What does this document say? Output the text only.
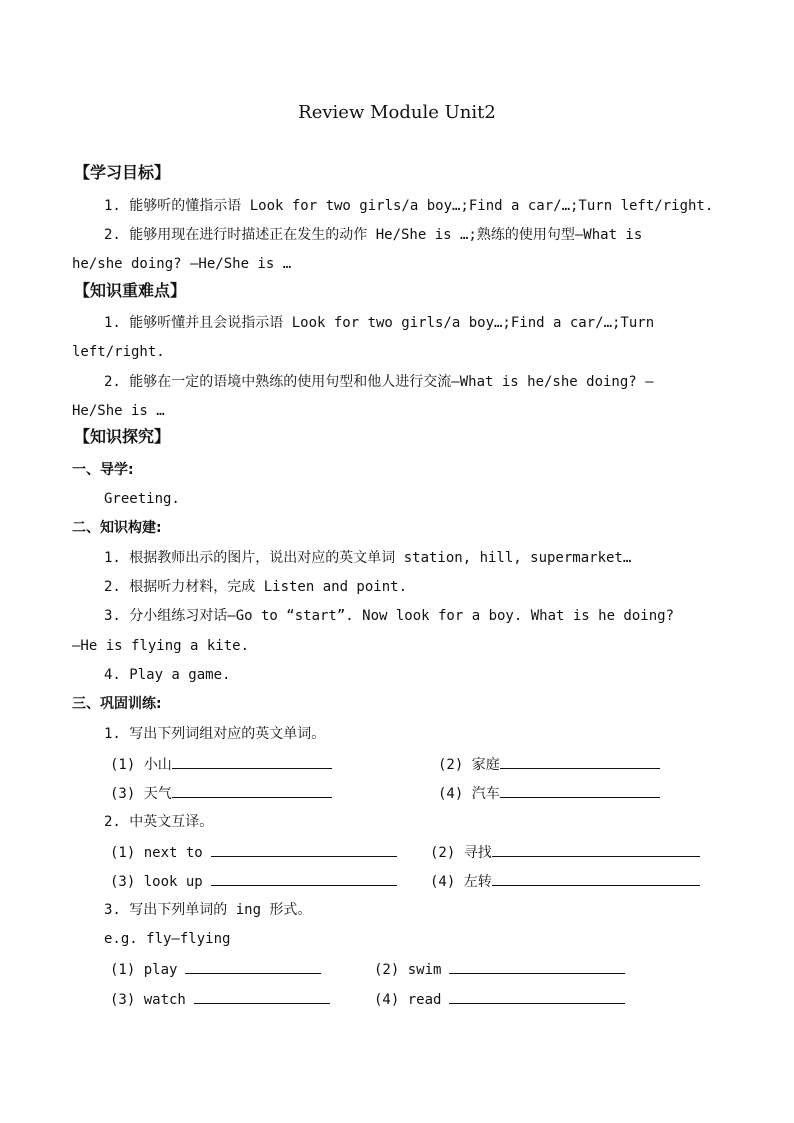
Review Module Unit2
【学习目标】
1. 能够听的懂指示语 Look for two girls/a boy…;Find a car/…;Turn left/right.
2. 能够用现在进行时描述正在发生的动作 He/She is …;熟练的使用句型—What is
he/she doing? —He/She is …
【知识重难点】
1. 能够听懂并且会说指示语 Look for two girls/a boy…;Find a car/…;Turn
left/right.
2. 能够在一定的语境中熟练的使用句型和他人进行交流—What is he/she doing? —
He/She is …
【知识探究】
一、导学:
Greeting.
二、知识构建:
1. 根据教师出示的图片，说出对应的英文单词 station, hill, supermarket…
2. 根据听力材料，完成 Listen and point.
3. 分小组练习对话—Go to “start”. Now look for a boy. What is he doing?
—He is flying a kite.
4. Play a game.
三、巩固训练:
1. 写出下列词组对应的英文单词。
(1) 小山	(2) 家庭
(3) 天气	(4) 汽车
2. 中英文互译。
(1) next to	(2) 寻找
(3) look up	(4) 左转
3. 写出下列单词的 ing 形式。
e.g. fly—flying
(1) play	(2) swim
(3) watch	(4) read
